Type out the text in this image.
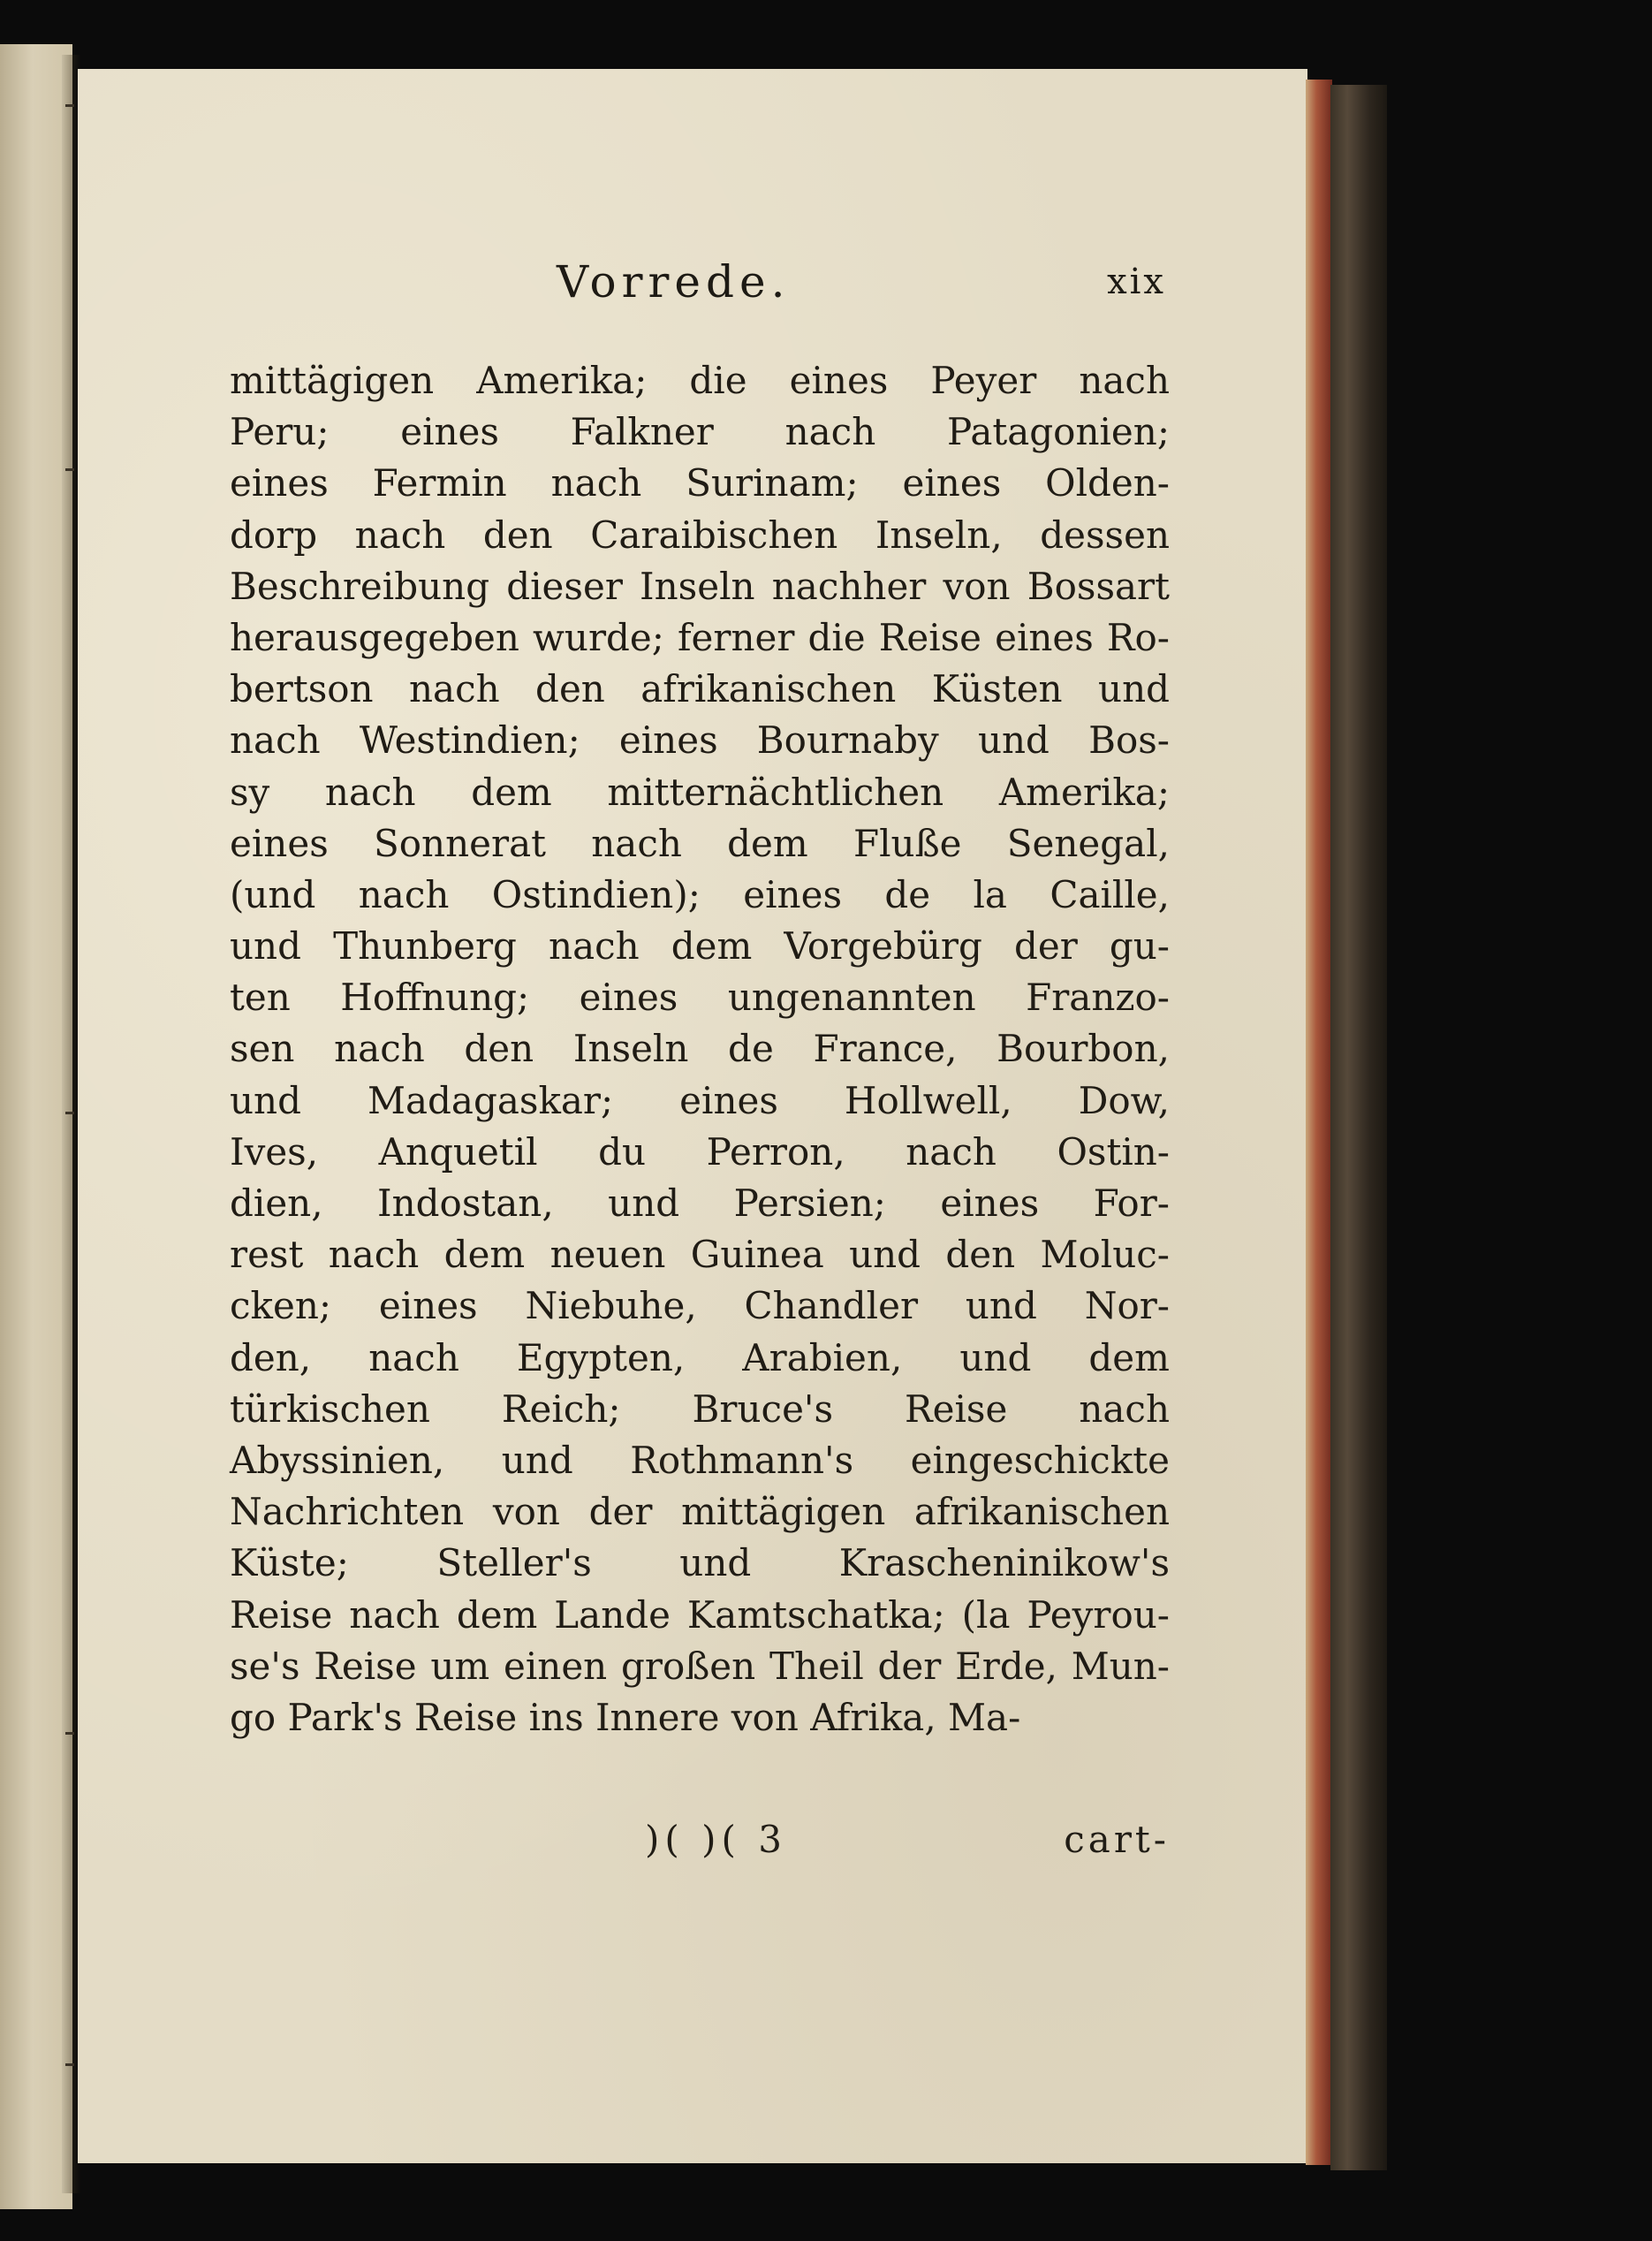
Vorrede.	xix
mittägigen Amerika; die eines Peyer nach
Peru; eines Falkner nach Patagonien;
eines Fermin nach Surinam; eines Olden-
dorp nach den Caraibischen Inseln, dessen
Beschreibung dieser Inseln nachher von Bossart
herausgegeben wurde; ferner die Reise eines Ro-
bertson nach den afrikanischen Küsten und
nach Westindien; eines Bournaby und Bos-
sy nach dem mitternächtlichen Amerika;
eines Sonnerat nach dem Fluße Senegal,
(und nach Ostindien); eines de la Caille,
und Thunberg nach dem Vorgebürg der gu-
ten Hoffnung; eines ungenannten Franzo-
sen nach den Inseln de France, Bourbon,
und Madagaskar; eines Hollwell, Dow,
Ives, Anquetil du Perron, nach Ostin-
dien, Indostan, und Persien; eines For-
rest nach dem neuen Guinea und den Moluc-
cken; eines Niebuhe, Chandler und Nor-
den, nach Egypten, Arabien, und dem
türkischen Reich; Bruce's Reise nach
Abyssinien, und Rothmann's eingeschickte
Nachrichten von der mittägigen afrikanischen
Küste; Steller's und Krascheninikow's
Reise nach dem Lande Kamtschatka; (la Peyrou-
se's Reise um einen großen Theil der Erde, Mun-
go Park's Reise ins Innere von Afrika, Ma-
)( )( 3	cart-
